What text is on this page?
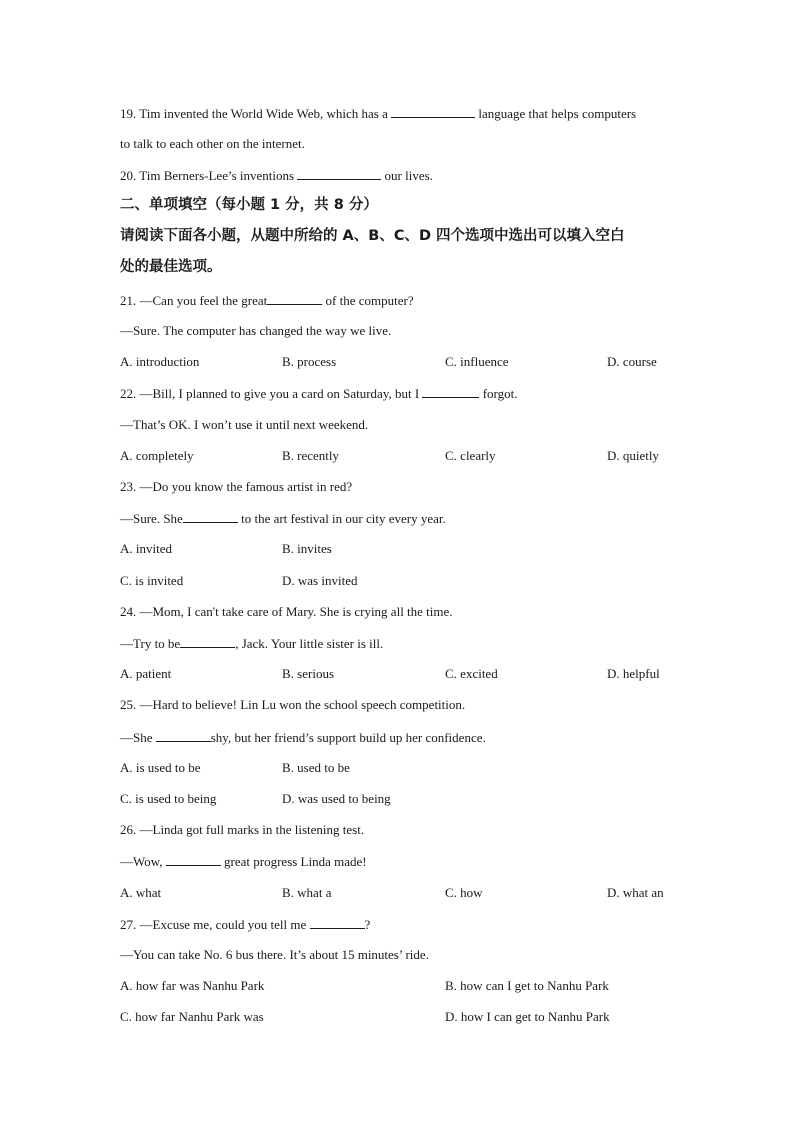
19. Tim invented the World Wide Web, which has a	language that helps computers
to talk to each other on the internet.
20. Tim Berners-Lee’s inventions	our lives.
二、单项填空（每小题 1 分，共 8 分）
请阅读下面各小题，从题中所给的 A、B、C、D 四个选项中选出可以填入空白
处的最佳选项。
21. —Can you feel the great	of the computer?
—Sure. The computer has changed the way we live.
A. introduction	B. process	C. influence	D. course
22. —Bill, I planned to give you a card on Saturday, but I	forgot.
—That’s OK. I won’t use it until next weekend.
A. completely	B. recently	C. clearly	D. quietly
23. —Do you know the famous artist in red?
—Sure. She	to the art festival in our city every year.
A. invited	B. invites
C. is invited	D. was invited
24. —Mom, I can't take care of Mary. She is crying all the time.
—Try to be	, Jack. Your little sister is ill.
A. patient	B. serious	C. excited	D. helpful
25. —Hard to believe! Lin Lu won the school speech competition.
—She	shy, but her friend’s support build up her confidence.
A. is used to be	B. used to be
C. is used to being	D. was used to being
26. —Linda got full marks in the listening test.
—Wow,	great progress Linda made!
A. what	B. what a	C. how	D. what an
27. —Excuse me, could you tell me	?
—You can take No. 6 bus there. It’s about 15 minutes’ ride.
A. how far was Nanhu Park	B. how can I get to Nanhu Park
C. how far Nanhu Park was	D. how I can get to Nanhu Park
